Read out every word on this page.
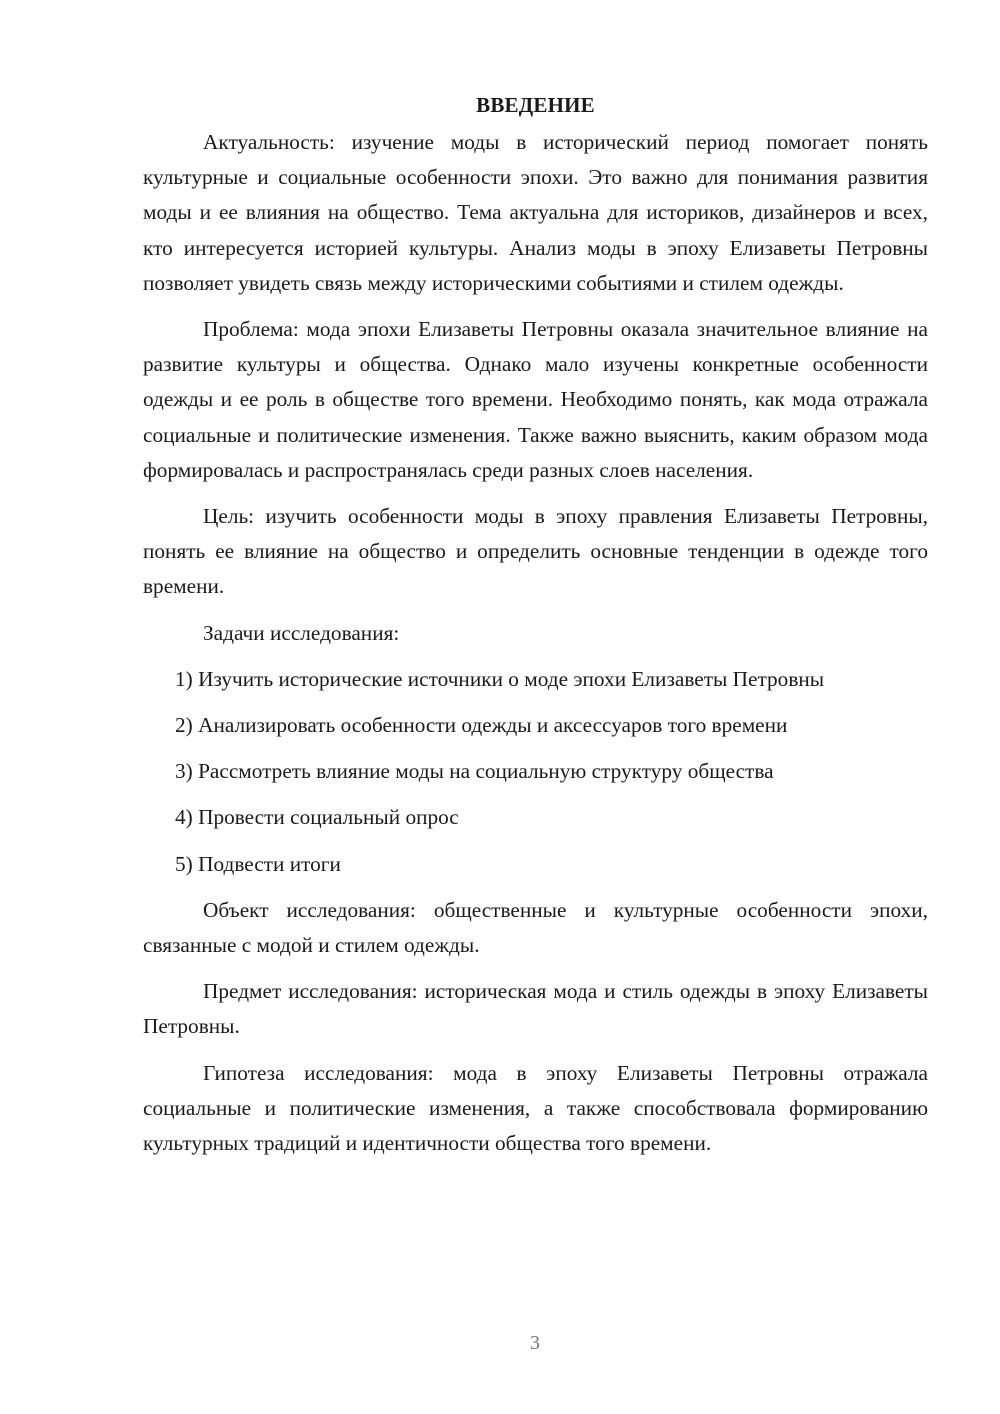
ВВЕДЕНИЕ

Актуальность: изучение моды в исторический период помогает понять культурные и социальные особенности эпохи. Это важно для понимания развития моды и ее влияния на общество. Тема актуальна для историков, дизайнеров и всех, кто интересуется историей культуры. Анализ моды в эпоху Елизаветы Петровны позволяет увидеть связь между историческими событиями и стилем одежды.

Проблема: мода эпохи Елизаветы Петровны оказала значительное влияние на развитие культуры и общества. Однако мало изучены конкретные особенности одежды и ее роль в обществе того времени. Необходимо понять, как мода отражала социальные и политические изменения. Также важно выяснить, каким образом мода формировалась и распространялась среди разных слоев населения.

Цель: изучить особенности моды в эпоху правления Елизаветы Петровны, понять ее влияние на общество и определить основные тенденции в одежде того времени.

Задачи исследования:

1) Изучить исторические источники о моде эпохи Елизаветы Петровны

2) Анализировать особенности одежды и аксессуаров того времени

3) Рассмотреть влияние моды на социальную структуру общества

4) Провести социальный опрос

5) Подвести итоги

Объект исследования: общественные и культурные особенности эпохи, связанные с модой и стилем одежды.

Предмет исследования: историческая мода и стиль одежды в эпоху Елизаветы Петровны.

Гипотеза исследования: мода в эпоху Елизаветы Петровны отражала социальные и политические изменения, а также способствовала формированию культурных традиций и идентичности общества того времени.

3
